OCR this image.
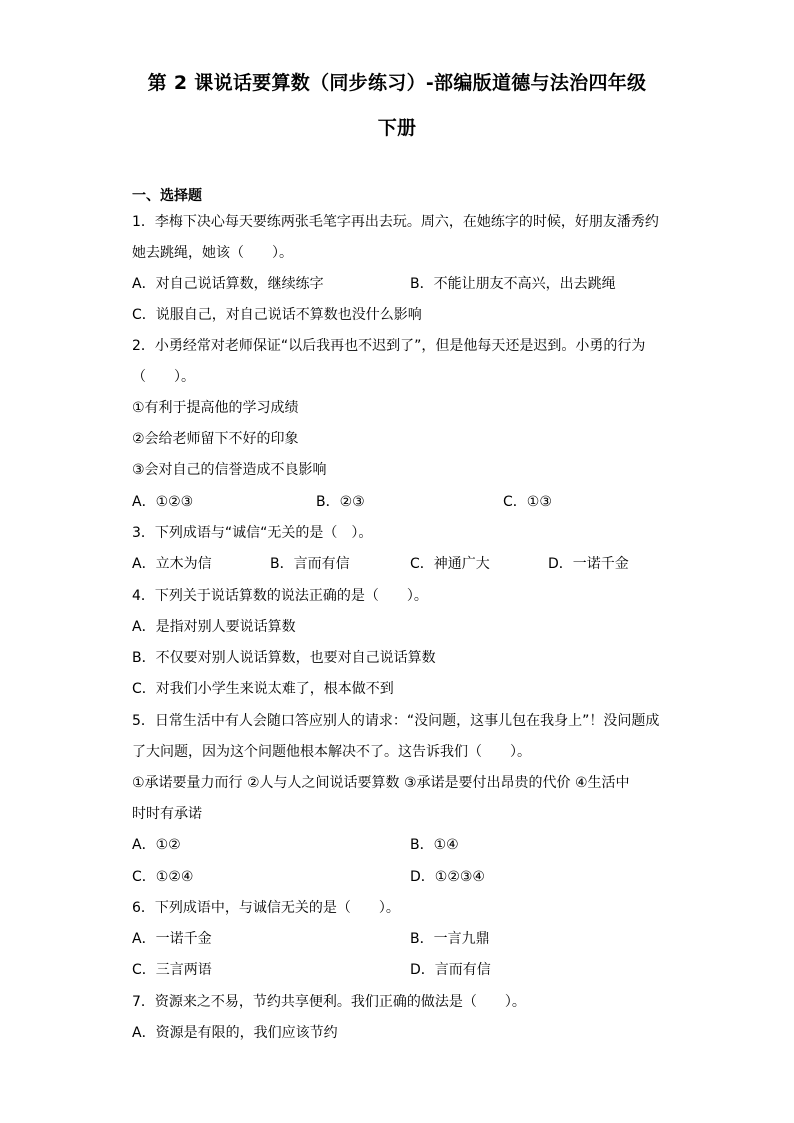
第 2 课说话要算数（同步练习）-部编版道德与法治四年级
下册
一、选择题
1．李梅下决心每天要练两张毛笔字再出去玩。周六，在她练字的时候，好朋友潘秀约
她去跳绳，她该（　　）。
A．对自己说话算数，继续练字	B．不能让朋友不高兴，出去跳绳
C．说服自己，对自己说话不算数也没什么影响
2．小勇经常对老师保证“以后我再也不迟到了”，但是他每天还是迟到。小勇的行为
（　　）。
①有利于提高他的学习成绩
②会给老师留下不好的印象
③会对自己的信誉造成不良影响
A．①②③	B．②③	C．①③
3．下列成语与“诚信“无关的是（　）。
A．立木为信	B．言而有信	C．神通广大	D．一诺千金
4．下列关于说话算数的说法正确的是（　　）。
A．是指对别人要说话算数
B．不仅要对别人说话算数，也要对自己说话算数
C．对我们小学生来说太难了，根本做不到
5．日常生活中有人会随口答应别人的请求：“没问题，这事儿包在我身上”！没问题成
了大问题，因为这个问题他根本解决不了。这告诉我们（　　）。
①承诺要量力而行 ②人与人之间说话要算数 ③承诺是要付出昂贵的代价 ④生活中
时时有承诺
A．①②	B．①④
C．①②④	D．①②③④
6．下列成语中，与诚信无关的是（　　）。
A．一诺千金	B．一言九鼎
C．三言两语	D．言而有信
7．资源来之不易，节约共享便利。我们正确的做法是（　　）。
A．资源是有限的，我们应该节约
